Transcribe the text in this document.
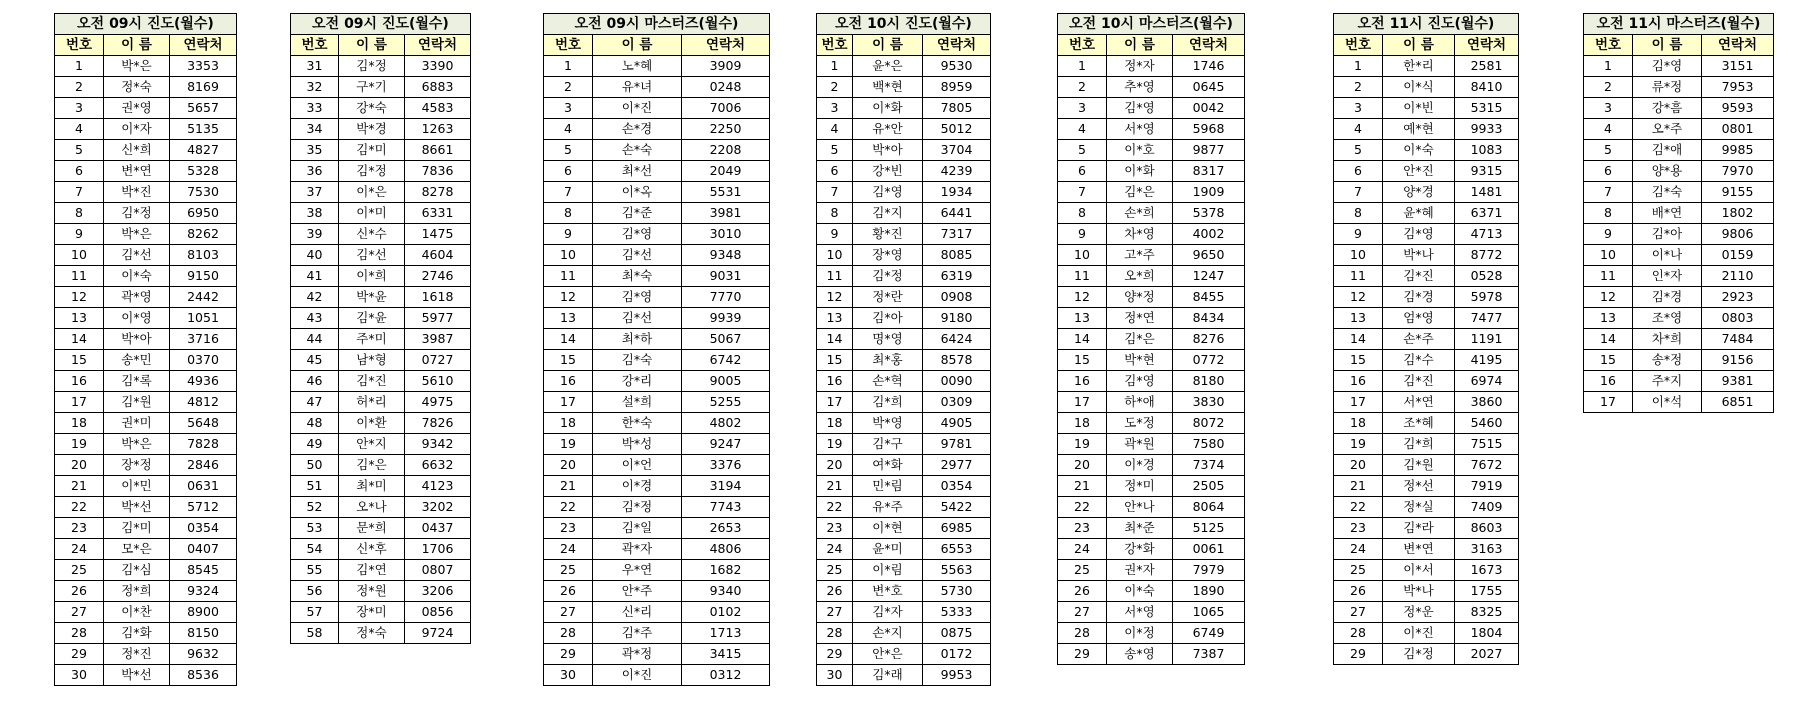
오전 09시 진도(월수)		
번호	이 름	연락처
1	박*은	3353
2	정*숙	8169
3	권*영	5657
4	이*자	5135
5	신*희	4827
6	변*연	5328
7	박*진	7530
8	김*정	6950
9	박*은	8262
10	김*선	8103
11	이*숙	9150
12	곽*영	2442
13	이*영	1051
14	박*아	3716
15	송*민	0370
16	김*록	4936
17	김*원	4812
18	권*미	5648
19	박*은	7828
20	장*정	2846
21	이*민	0631
22	박*선	5712
23	김*미	0354
24	모*은	0407
25	김*심	8545
26	정*희	9324
27	이*찬	8900
28	김*화	8150
29	정*진	9632
30	박*선	8536
오전 09시 진도(월수)		
번호	이 름	연락처
31	김*정	3390
32	구*기	6883
33	강*숙	4583
34	박*경	1263
35	김*미	8661
36	김*정	7836
37	이*은	8278
38	이*미	6331
39	신*수	1475
40	김*선	4604
41	이*희	2746
42	박*윤	1618
43	김*윤	5977
44	주*미	3987
45	남*형	0727
46	김*진	5610
47	허*리	4975
48	이*환	7826
49	안*지	9342
50	김*은	6632
51	최*미	4123
52	오*나	3202
53	문*희	0437
54	신*후	1706
55	김*연	0807
56	정*원	3206
57	장*미	0856
58	정*숙	9724
오전 09시 마스터즈(월수)		
번호	이 름	연락처
1	노*혜	3909
2	유*녀	0248
3	이*진	7006
4	손*경	2250
5	손*숙	2208
6	최*선	2049
7	이*옥	5531
8	김*준	3981
9	김*영	3010
10	김*선	9348
11	최*숙	9031
12	김*영	7770
13	김*선	9939
14	최*하	5067
15	김*숙	6742
16	강*리	9005
17	설*희	5255
18	한*숙	4802
19	박*성	9247
20	이*언	3376
21	이*경	3194
22	김*정	7743
23	김*일	2653
24	곽*자	4806
25	우*연	1682
26	안*주	9340
27	신*리	0102
28	김*주	1713
29	곽*정	3415
30	이*진	0312
오전 10시 진도(월수)		
번호	이 름	연락처
1	윤*은	9530
2	백*현	8959
3	이*화	7805
4	유*안	5012
5	박*아	3704
6	강*빈	4239
7	김*영	1934
8	김*지	6441
9	황*진	7317
10	장*영	8085
11	김*정	6319
12	정*란	0908
13	김*아	9180
14	명*영	6424
15	최*홍	8578
16	손*혁	0090
17	김*희	0309
18	박*영	4905
19	김*구	9781
20	여*화	2977
21	민*림	0354
22	유*주	5422
23	이*현	6985
24	윤*미	6553
25	이*림	5563
26	변*호	5730
27	김*자	5333
28	손*지	0875
29	안*은	0172
30	김*래	9953
오전 10시 마스터즈(월수)		
번호	이 름	연락처
1	정*자	1746
2	추*영	0645
3	김*영	0042
4	서*영	5968
5	이*호	9877
6	이*화	8317
7	김*은	1909
8	손*희	5378
9	차*영	4002
10	고*주	9650
11	오*희	1247
12	양*정	8455
13	정*연	8434
14	김*은	8276
15	박*현	0772
16	김*영	8180
17	하*애	3830
18	도*정	8072
19	곽*원	7580
20	이*경	7374
21	정*미	2505
22	안*나	8064
23	최*준	5125
24	강*화	0061
25	권*자	7979
26	이*숙	1890
27	서*영	1065
28	이*정	6749
29	송*영	7387
오전 11시 진도(월수)		
번호	이 름	연락처
1	한*리	2581
2	이*식	8410
3	이*빈	5315
4	예*현	9933
5	이*숙	1083
6	안*진	9315
7	양*경	1481
8	윤*혜	6371
9	김*영	4713
10	박*나	8772
11	김*진	0528
12	김*경	5978
13	엄*영	7477
14	손*주	1191
15	김*수	4195
16	김*진	6974
17	서*연	3860
18	조*혜	5460
19	김*희	7515
20	김*원	7672
21	정*선	7919
22	정*실	7409
23	김*라	8603
24	변*연	3163
25	이*서	1673
26	박*나	1755
27	정*운	8325
28	이*진	1804
29	김*정	2027
오전 11시 마스터즈(월수)		
번호	이 름	연락처
1	김*영	3151
2	류*정	7953
3	강*흠	9593
4	오*주	0801
5	김*애	9985
6	양*용	7970
7	김*숙	9155
8	배*연	1802
9	김*아	9806
10	이*나	0159
11	인*자	2110
12	김*경	2923
13	조*영	0803
14	차*희	7484
15	송*정	9156
16	주*지	9381
17	이*석	6851
